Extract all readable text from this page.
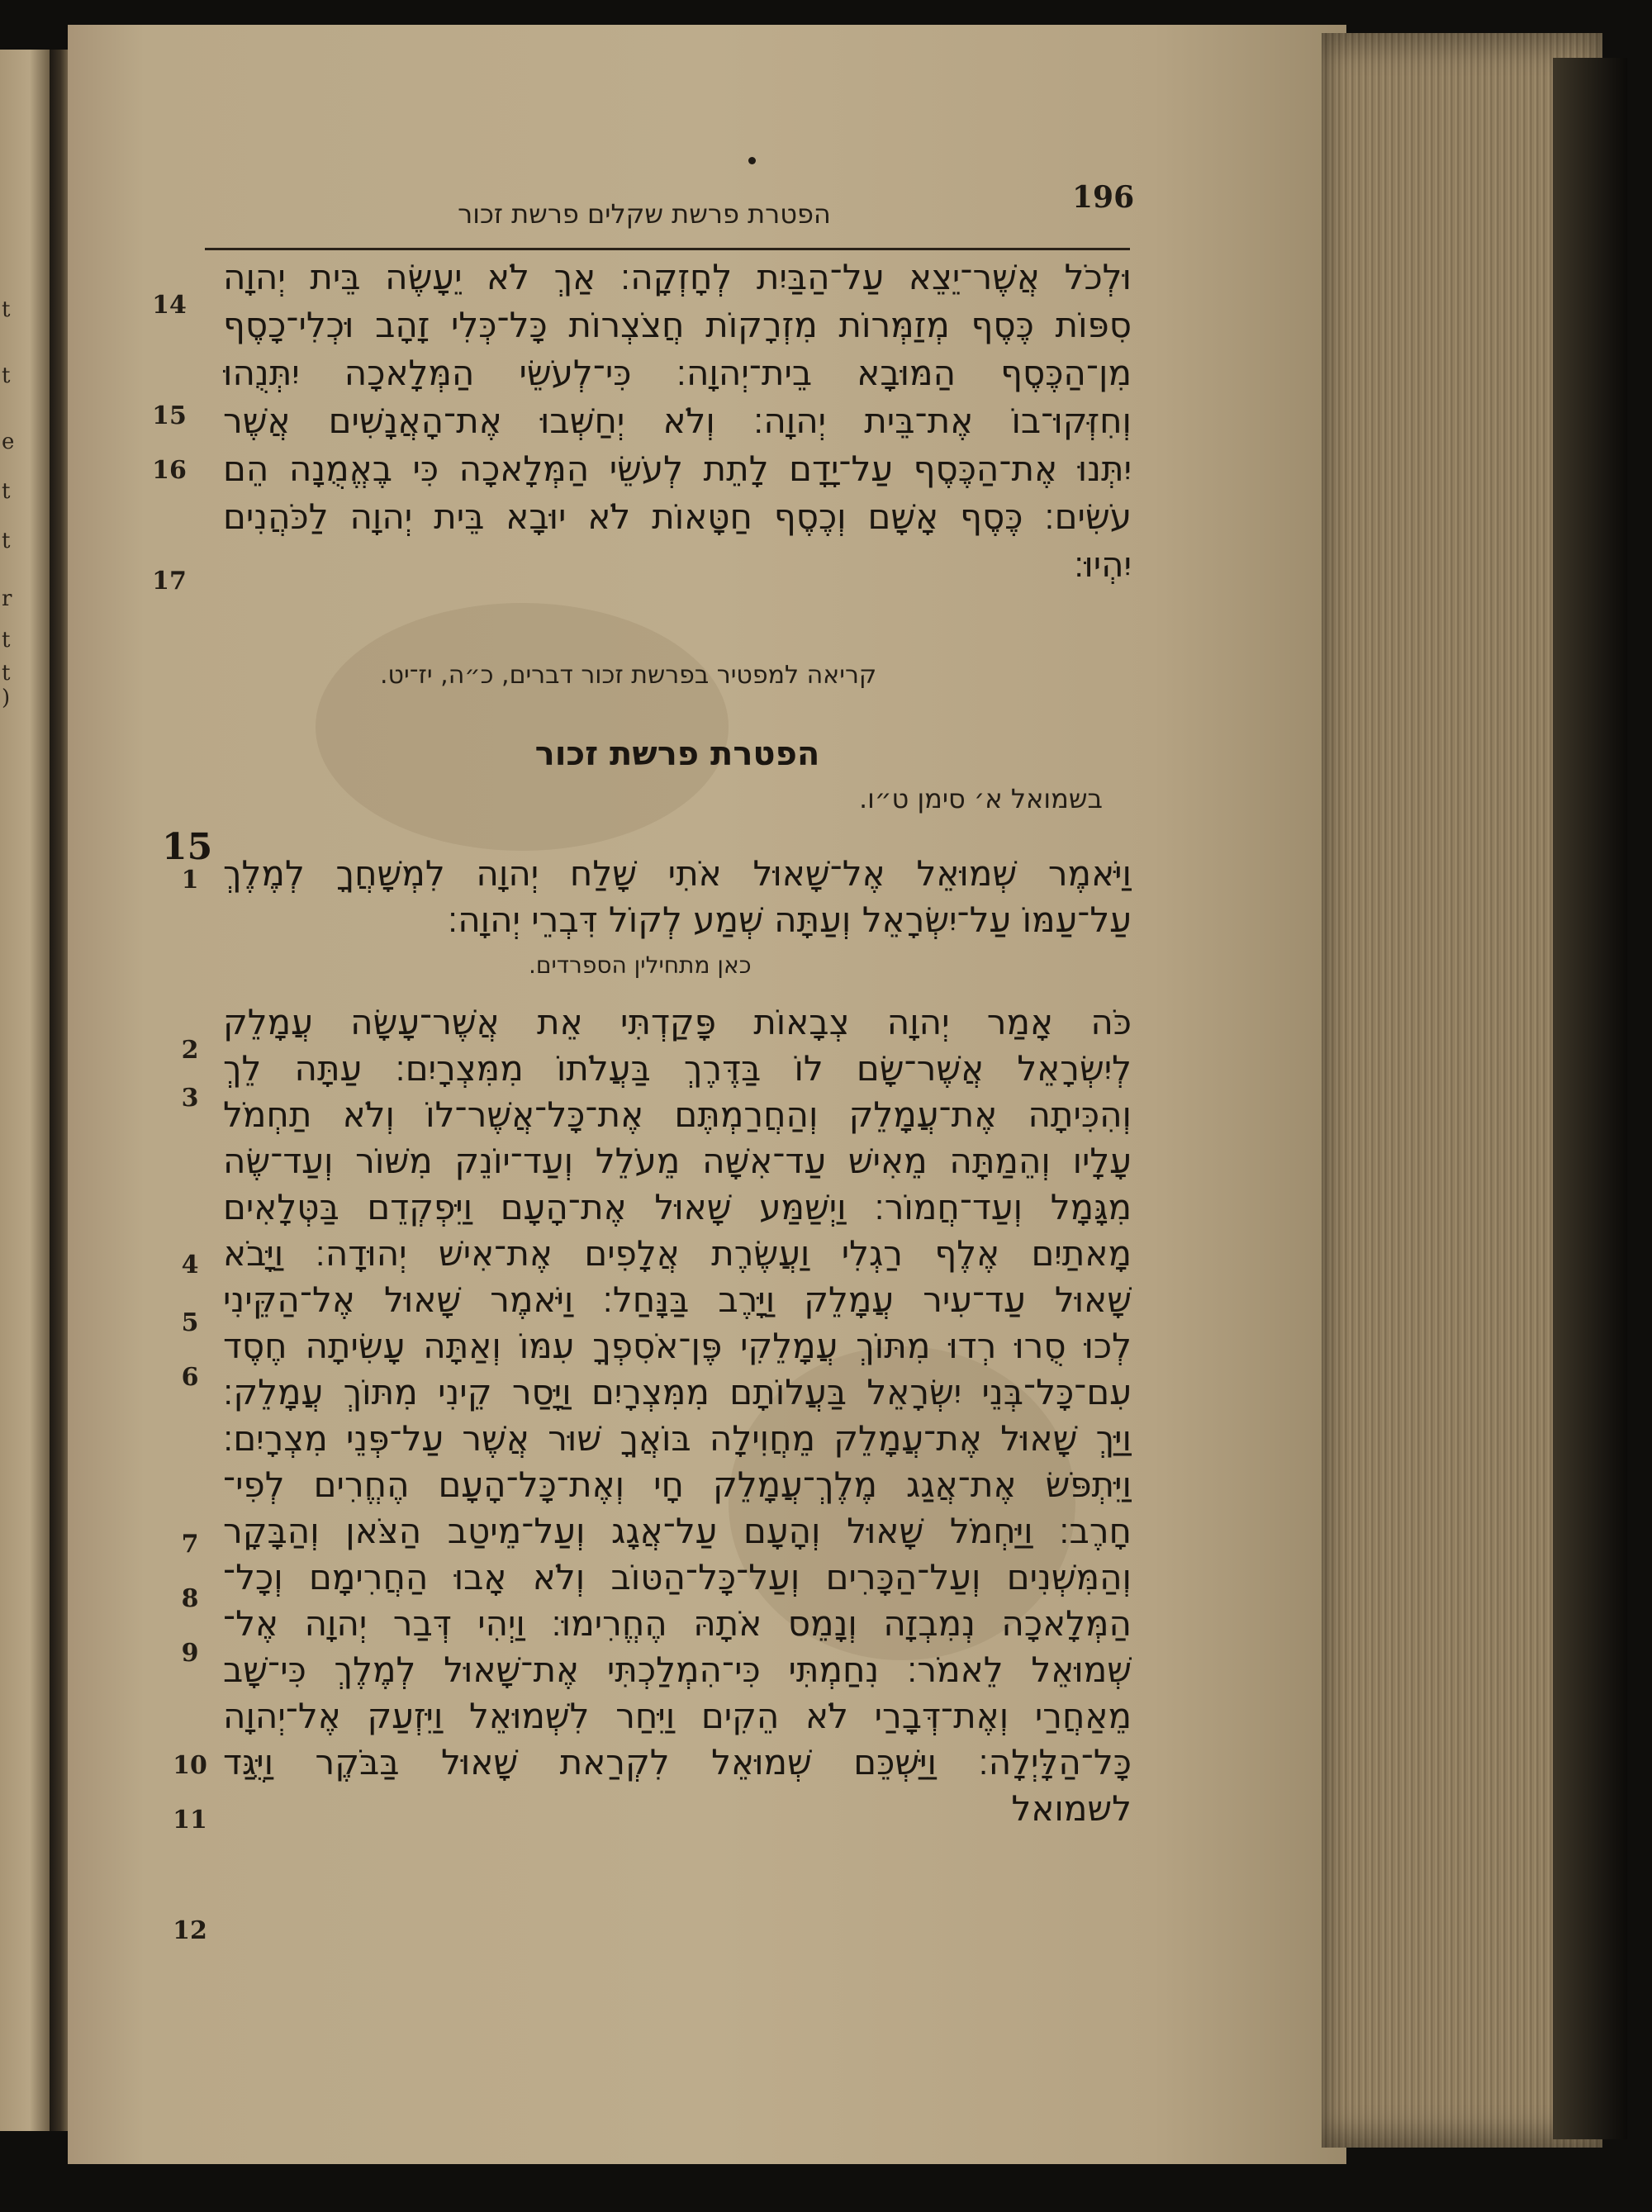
t
t
e
t
t
r
t
t
)
196
הפטרת פרשת שקלים פרשת זכור
וּלְכֹל אֲשֶׁר־יֵצֵא עַל־הַבַּיִת לְחָזְקָה׃ אַךְ לֹא יֵעָשֶׂה בֵּית יְהוָה
סִפּוֹת כֶּסֶף מְזַמְּרוֹת מִזְרָקוֹת חֲצֹצְרוֹת כָּל־כְּלִי זָהָב וּכְלִי־כָסֶף
מִן־הַכֶּסֶף הַמּוּבָא בֵית־יְהוָה׃ כִּי־לְעֹשֵׂי הַמְּלָאכָה יִתְּנֻהוּ
וְחִזְּקוּ־בוֹ אֶת־בֵּית יְהוָה׃ וְלֹא יְחַשְּׁבוּ אֶת־הָאֲנָשִׁים אֲשֶׁר
יִתְּנוּ אֶת־הַכֶּסֶף עַל־יָדָם לָתֵת לְעֹשֵׂי הַמְּלָאכָה כִּי בֶאֱמֻנָה הֵם
עֹשִׂים׃ כֶּסֶף אָשָׁם וְכֶסֶף חַטָּאוֹת לֹא יוּבָא בֵּית יְהוָה לַכֹּהֲנִים
יִהְיוּ׃
14
15
16
17
קריאה למפטיר בפרשת זכור דברים, כ״ה, יז־יט.
הפטרת פרשת זכור
בשמואל א׳ סימן ט״ו.
15
וַיֹּאמֶר שְׁמוּאֵל אֶל־שָׁאוּל אֹתִי שָׁלַח יְהוָה לִמְשָׁחֲךָ לְמֶלֶךְ
עַל־עַמּוֹ עַל־יִשְׂרָאֵל וְעַתָּה שְׁמַע לְקוֹל דִּבְרֵי יְהוָה׃
כאן מתחילין הספרדים.
כֹּה אָמַר יְהוָה צְבָאוֹת פָּקַדְתִּי אֵת אֲשֶׁר־עָשָׂה עֲמָלֵק
לְיִשְׂרָאֵל אֲשֶׁר־שָׂם לוֹ בַּדֶּרֶךְ בַּעֲלֹתוֹ מִמִּצְרָיִם׃ עַתָּה לֵךְ
וְהִכִּיתָה אֶת־עֲמָלֵק וְהַחֲרַמְתֶּם אֶת־כָּל־אֲשֶׁר־לוֹ וְלֹא תַחְמֹל
עָלָיו וְהֵמַתָּה מֵאִישׁ עַד־אִשָּׁה מֵעֹלֵל וְעַד־יוֹנֵק מִשּׁוֹר וְעַד־שֶׂה
מִגָּמָל וְעַד־חֲמוֹר׃ וַיְשַׁמַּע שָׁאוּל אֶת־הָעָם וַיִּפְקְדֵם בַּטְּלָאִים
מָאתַיִם אֶלֶף רַגְלִי וַעֲשֶׂרֶת אֲלָפִים אֶת־אִישׁ יְהוּדָה׃ וַיָּבֹא
שָׁאוּל עַד־עִיר עֲמָלֵק וַיָּרֶב בַּנָּחַל׃ וַיֹּאמֶר שָׁאוּל אֶל־הַקֵּינִי
לְכוּ סֻרוּ רְדוּ מִתּוֹךְ עֲמָלֵקִי פֶּן־אֹסִפְךָ עִמּוֹ וְאַתָּה עָשִׂיתָה חֶסֶד
עִם־כָּל־בְּנֵי יִשְׂרָאֵל בַּעֲלוֹתָם מִמִּצְרָיִם וַיָּסַר קֵינִי מִתּוֹךְ עֲמָלֵק׃
וַיַּךְ שָׁאוּל אֶת־עֲמָלֵק מֵחֲוִילָה בּוֹאֲךָ שׁוּר אֲשֶׁר עַל־פְּנֵי מִצְרָיִם׃
וַיִּתְפֹּשׂ אֶת־אֲגַג מֶלֶךְ־עֲמָלֵק חָי וְאֶת־כָּל־הָעָם הֶחֱרִים לְפִי־
חָרֶב׃ וַיַּחְמֹל שָׁאוּל וְהָעָם עַל־אֲגָג וְעַל־מֵיטַב הַצֹּאן וְהַבָּקָר
וְהַמִּשְׁנִים וְעַל־הַכָּרִים וְעַל־כָּל־הַטּוֹב וְלֹא אָבוּ הַחֲרִימָם וְכָל־
הַמְּלָאכָה נְמִבְזָה וְנָמֵס אֹתָהּ הֶחֱרִימוּ׃ וַיְהִי דְּבַר יְהוָה אֶל־
שְׁמוּאֵל לֵאמֹר׃ נִחַמְתִּי כִּי־הִמְלַכְתִּי אֶת־שָׁאוּל לְמֶלֶךְ כִּי־שָׁב
מֵאַחֲרַי וְאֶת־דְּבָרַי לֹא הֵקִים וַיִּחַר לִשְׁמוּאֵל וַיִּזְעַק אֶל־יְהוָה
כָּל־הַלָּיְלָה׃ וַיַּשְׁכֵּם שְׁמוּאֵל לִקְרַאת שָׁאוּל בַּבֹּקֶר וַיֻּגַּד
לשמואל
1
2
3
4
5
6
7
8
9
10
11
12
